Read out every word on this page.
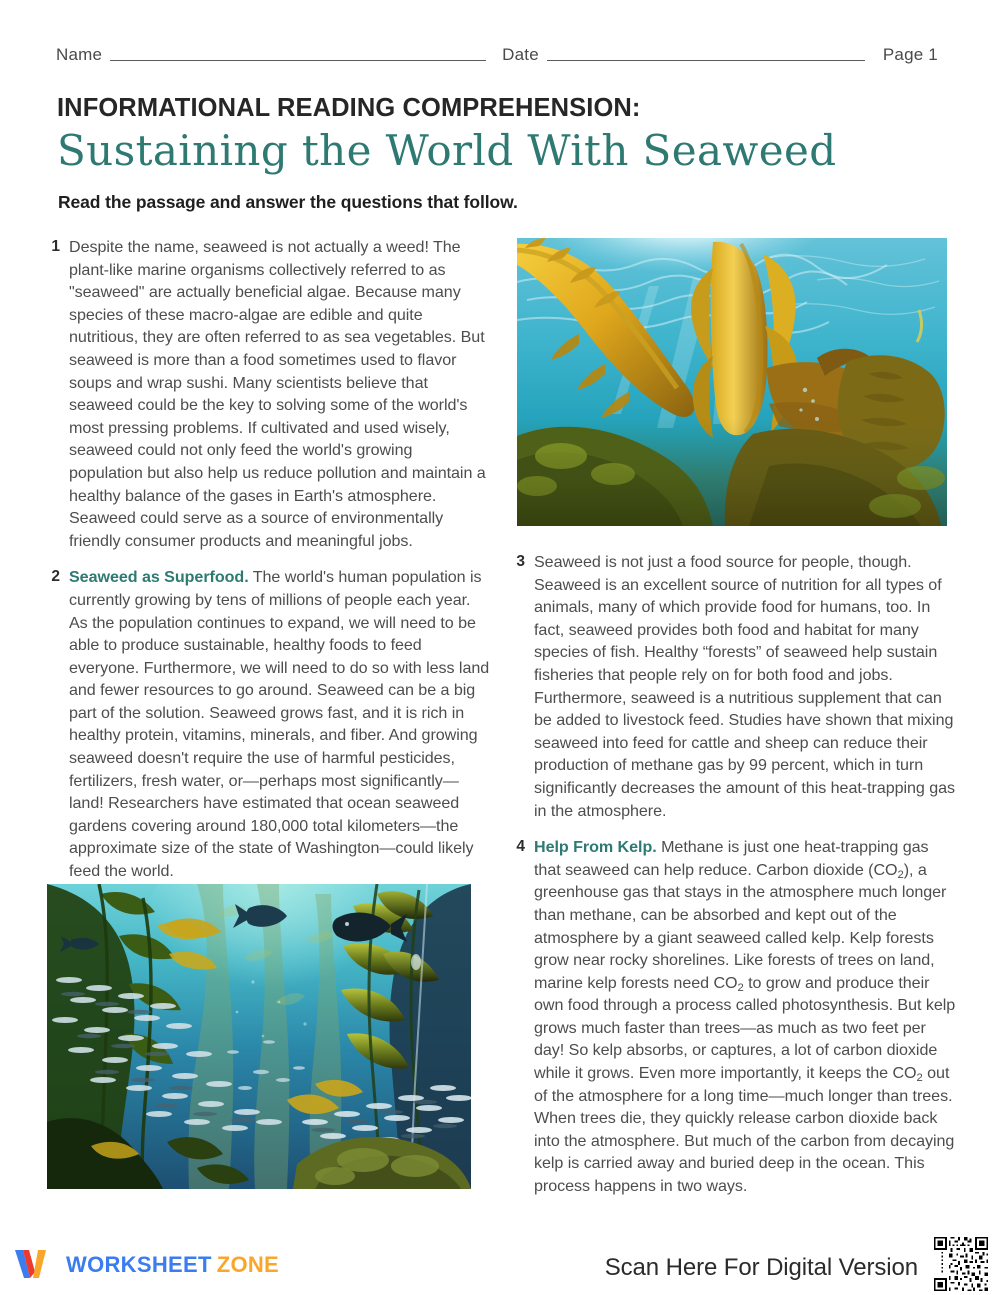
Name	Date	Page 1
INFORMATIONAL READING COMPREHENSION:
Sustaining the World With Seaweed
Read the passage and answer the questions that follow.
1 Despite the name, seaweed is not actually a weed! The plant-like marine organisms collectively referred to as "seaweed" are actually beneficial algae. Because many species of these macro-algae are edible and quite nutritious, they are often referred to as sea vegetables. But seaweed is more than a food sometimes used to flavor soups and wrap sushi. Many scientists believe that seaweed could be the key to solving some of the world's most pressing problems. If cultivated and used wisely, seaweed could not only feed the world's growing population but also help us reduce pollution and maintain a healthy balance of the gases in Earth's atmosphere. Seaweed could serve as a source of environmentally friendly consumer products and meaningful jobs.
2 Seaweed as Superfood. The world's human population is currently growing by tens of millions of people each year. As the population continues to expand, we will need to be able to produce sustainable, healthy foods to feed everyone. Furthermore, we will need to do so with less land and fewer resources to go around. Seaweed can be a big part of the solution. Seaweed grows fast, and it is rich in healthy protein, vitamins, minerals, and fiber. And growing seaweed doesn't require the use of harmful pesticides, fertilizers, fresh water, or—perhaps most significantly—land! Researchers have estimated that ocean seaweed gardens covering around 180,000 total kilometers—the approximate size of the state of Washington—could likely feed the world.
3 Seaweed is not just a food source for people, though. Seaweed is an excellent source of nutrition for all types of animals, many of which provide food for humans, too. In fact, seaweed provides both food and habitat for many species of fish. Healthy “forests” of seaweed help sustain fisheries that people rely on for both food and jobs. Furthermore, seaweed is a nutritious supplement that can be added to livestock feed. Studies have shown that mixing seaweed into feed for cattle and sheep can reduce their production of methane gas by 99 percent, which in turn significantly decreases the amount of this heat-trapping gas in the atmosphere.
4 Help From Kelp. Methane is just one heat-trapping gas that seaweed can help reduce. Carbon dioxide $(CO_2)$, a greenhouse gas that stays in the atmosphere much longer than methane, can be absorbed and kept out of the atmosphere by a giant seaweed called kelp. Kelp forests grow near rocky shorelines. Like forests of trees on land, marine kelp forests need $CO_2$ to grow and produce their own food through a process called photosynthesis. But kelp grows much faster than trees—as much as two feet per day! So kelp absorbs, or captures, a lot of carbon dioxide while it grows. Even more importantly, it keeps the $CO_2$ out of the atmosphere for a long time—much longer than trees. When trees die, they quickly release carbon dioxide back into the atmosphere. But much of the carbon from decaying kelp is carried away and buried deep in the ocean. This process happens in two ways.
WORKSHEET ZONE	Scan Here For Digital Version
